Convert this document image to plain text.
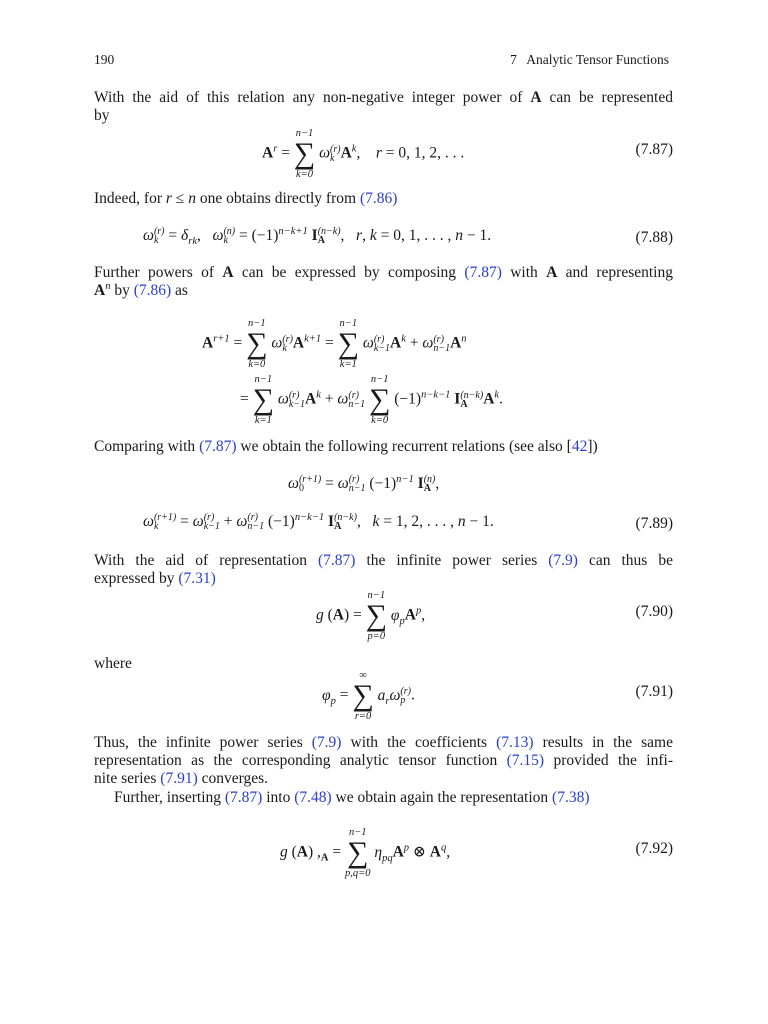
190	7   Analytic Tensor Functions
With the aid of this relation any non-negative integer power of A can be represented
by
$A^r$ =
n−1
∑
k=0
ω (r)
k $A^k$,    r = 0, 1, 2, . . .	(7.87)
Indeed, for r ≤ n one obtains directly from (7.86)
ω (r)
$k = \delta_{rk}$,   ω (n)
$k = (-1)^{n-k+1}$ I (n−k)
A	,   r, k = 0, 1, . . . , n − 1.	(7.88)
Further powers of A can be expressed by composing (7.87) with A and representing
$A^n$ by (7.86) as
$A^{r+1}$ =
n−1
∑
k=0
ω (r)
k $A^{k+1}$ =
n−1
∑
k=1
ω (r)
k−1 $A^k + \omega$ (r)
n−1 $A^n$
=
n−1
∑
k=1
ω (r)
k−1 $A^k + \omega$ (r)
n−1

n−1
∑
k=0
$(-1)^{n-k-1}$ I (n−k)
A	$A^k$.
Comparing with (7.87) we obtain the following recurrent relations (see also [42])
ω (r+1)
0	= ω (r)
n−1 $(-1)^{n-1}$ I (n)
A ,
ω (r+1)
k	= ω (r)
k−1 + ω (r)
n−1 $(-1)^{n-k-1}$ I (n−k)
A	,   k = 1, 2, . . . , n − 1.	(7.89)
With the aid of representation (7.87) the infinite power series (7.9) can thus be
expressed by (7.31)
g (A) =
n−1
∑
p=0
$\varphi_pA^p$,	(7.90)
where
$\varphi_p$ =
∞
∑
r=0
$a_r\omega$ (r)
p .	(7.91)
Thus, the infinite power series (7.9) with the coefficients (7.13) results in the same
representation as the corresponding analytic tensor function (7.15) provided the infi-
nite series (7.91) converges.
Further, inserting (7.87) into (7.48) we obtain again the representation (7.38)
g (A) $,_A$ =
n−1
∑
p,q=0
$\eta_{pq}A^p$ ⊗ $A^q$,	(7.92)
